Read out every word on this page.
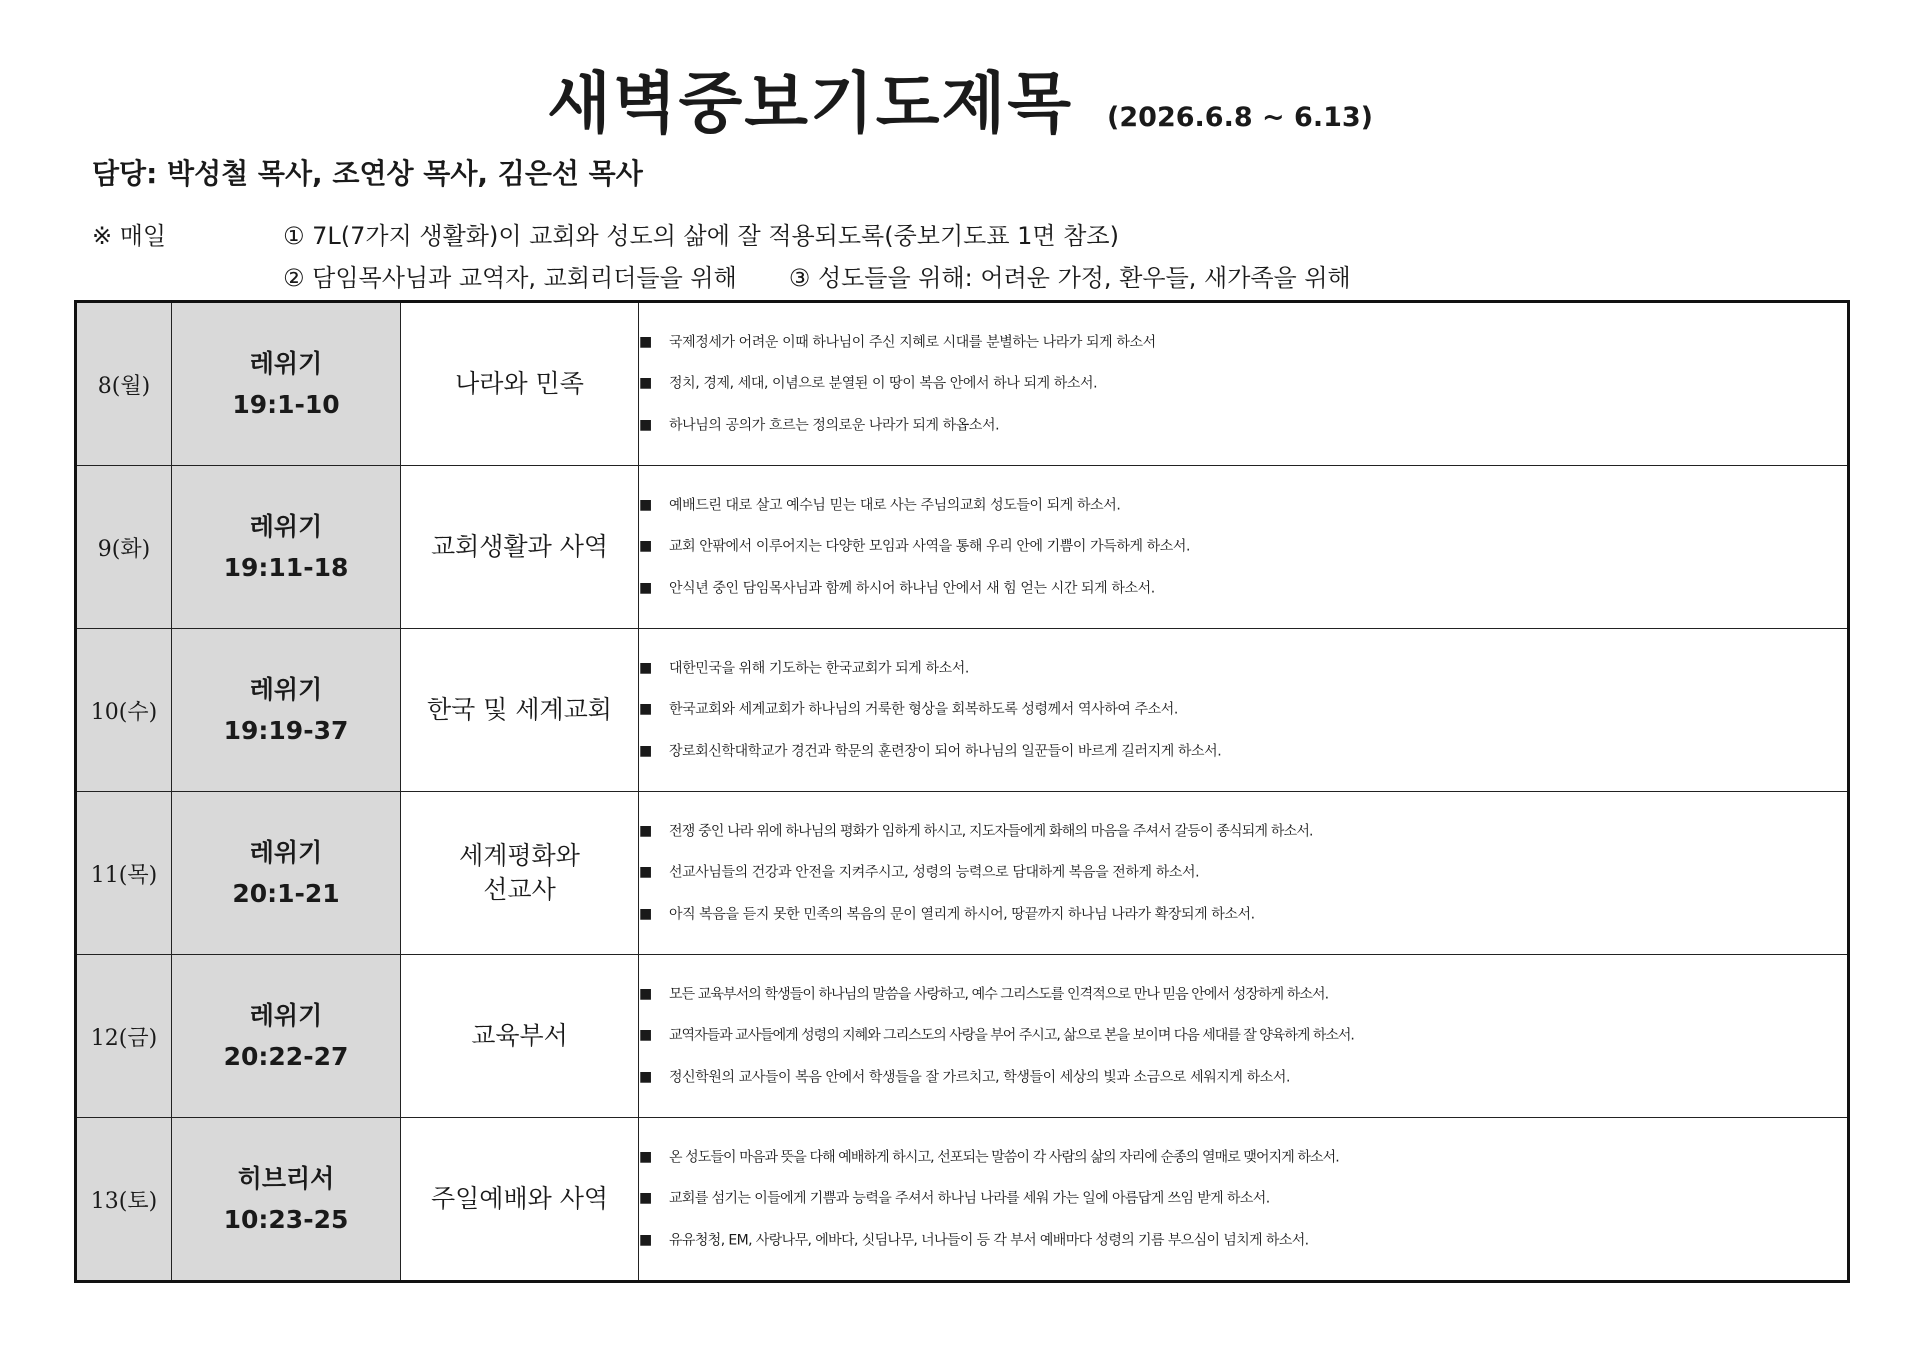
새벽중보기도제목 (2026.6.8 ~ 6.13)
담당: 박성철 목사, 조연상 목사, 김은선 목사
※ 매일	① 7L(7가지 생활화)이 교회와 성도의 삶에 잘 적용되도록(중보기도표 1면 참조)
② 담임목사님과 교역자, 교회리더들을 위해 ③ 성도들을 위해: 어려운 가정, 환우들, 새가족을 위해
8(월)	레위기
19:1-10	나라와 민족	■ 국제정세가 어려운 이때 하나님이 주신 지혜로 시대를 분별하는 나라가 되게 하소서
■ 정치, 경제, 세대, 이념으로 분열된 이 땅이 복음 안에서 하나 되게 하소서.
■ 하나님의 공의가 흐르는 정의로운 나라가 되게 하옵소서.

9(화)	레위기
19:11-18	교회생활과 사역	■ 예배드린 대로 살고 예수님 믿는 대로 사는 주님의교회 성도들이 되게 하소서.
■ 교회 안팎에서 이루어지는 다양한 모임과 사역을 통해 우리 안에 기쁨이 가득하게 하소서.
■ 안식년 중인 담임목사님과 함께 하시어 하나님 안에서 새 힘 얻는 시간 되게 하소서.

10(수)	레위기
19:19-37	한국 및 세계교회	■ 대한민국을 위해 기도하는 한국교회가 되게 하소서.
■ 한국교회와 세계교회가 하나님의 거룩한 형상을 회복하도록 성령께서 역사하여 주소서.
■ 장로회신학대학교가 경건과 학문의 훈련장이 되어 하나님의 일꾼들이 바르게 길러지게 하소서.

11(목)	레위기
20:1-21	세계평화와
선교사	■ 전쟁 중인 나라 위에 하나님의 평화가 임하게 하시고, 지도자들에게 화해의 마음을 주셔서 갈등이 종식되게 하소서.
■ 선교사님들의 건강과 안전을 지켜주시고, 성령의 능력으로 담대하게 복음을 전하게 하소서.
■ 아직 복음을 듣지 못한 민족의 복음의 문이 열리게 하시어, 땅끝까지 하나님 나라가 확장되게 하소서.

12(금)	레위기
20:22-27	교육부서	■ 모든 교육부서의 학생들이 하나님의 말씀을 사랑하고, 예수 그리스도를 인격적으로 만나 믿음 안에서 성장하게 하소서.
■ 교역자들과 교사들에게 성령의 지혜와 그리스도의 사랑을 부어 주시고, 삶으로 본을 보이며 다음 세대를 잘 양육하게 하소서.
■ 정신학원의 교사들이 복음 안에서 학생들을 잘 가르치고, 학생들이 세상의 빛과 소금으로 세워지게 하소서.

13(토)	히브리서
10:23-25	주일예배와 사역	■ 온 성도들이 마음과 뜻을 다해 예배하게 하시고, 선포되는 말씀이 각 사람의 삶의 자리에 순종의 열매로 맺어지게 하소서.
■ 교회를 섬기는 이들에게 기쁨과 능력을 주셔서 하나님 나라를 세워 가는 일에 아름답게 쓰임 받게 하소서.
■ 유유청청, EM, 사랑나무, 에바다, 싯딤나무, 너나들이 등 각 부서 예배마다 성령의 기름 부으심이 넘치게 하소서.
